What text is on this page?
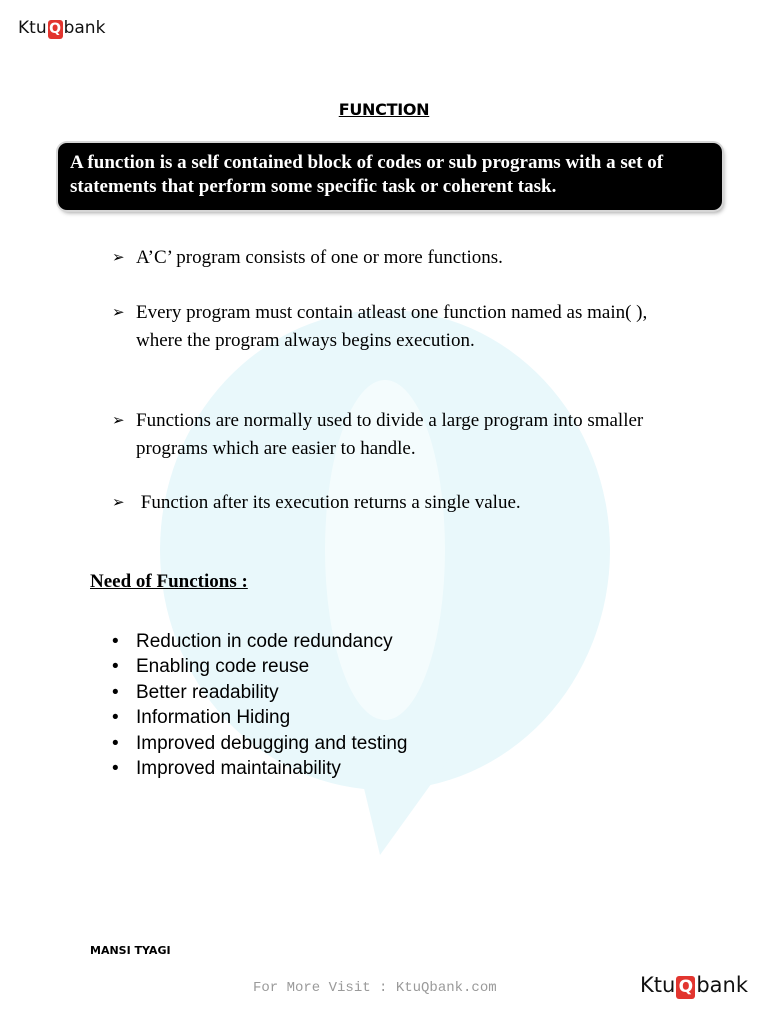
Ktu Q bank
FUNCTION
A function is a self contained block of codes or sub programs with a set of statements that perform some specific task or coherent task.
➢ A’C’ program consists of one or more functions.
➢ Every program must contain atleast one function named as main( ),
where the program always begins execution.
➢ Functions are normally used to divide a large program into smaller
programs which are easier to handle.
➢ Function after its execution returns a single value.
Need of Functions :
• Reduction in code redundancy
• Enabling code reuse
• Better readability
• Information Hiding
• Improved debugging and testing
• Improved maintainability
MANSI TYAGI
For More Visit : KtuQbank.com	Ktu Q bank
